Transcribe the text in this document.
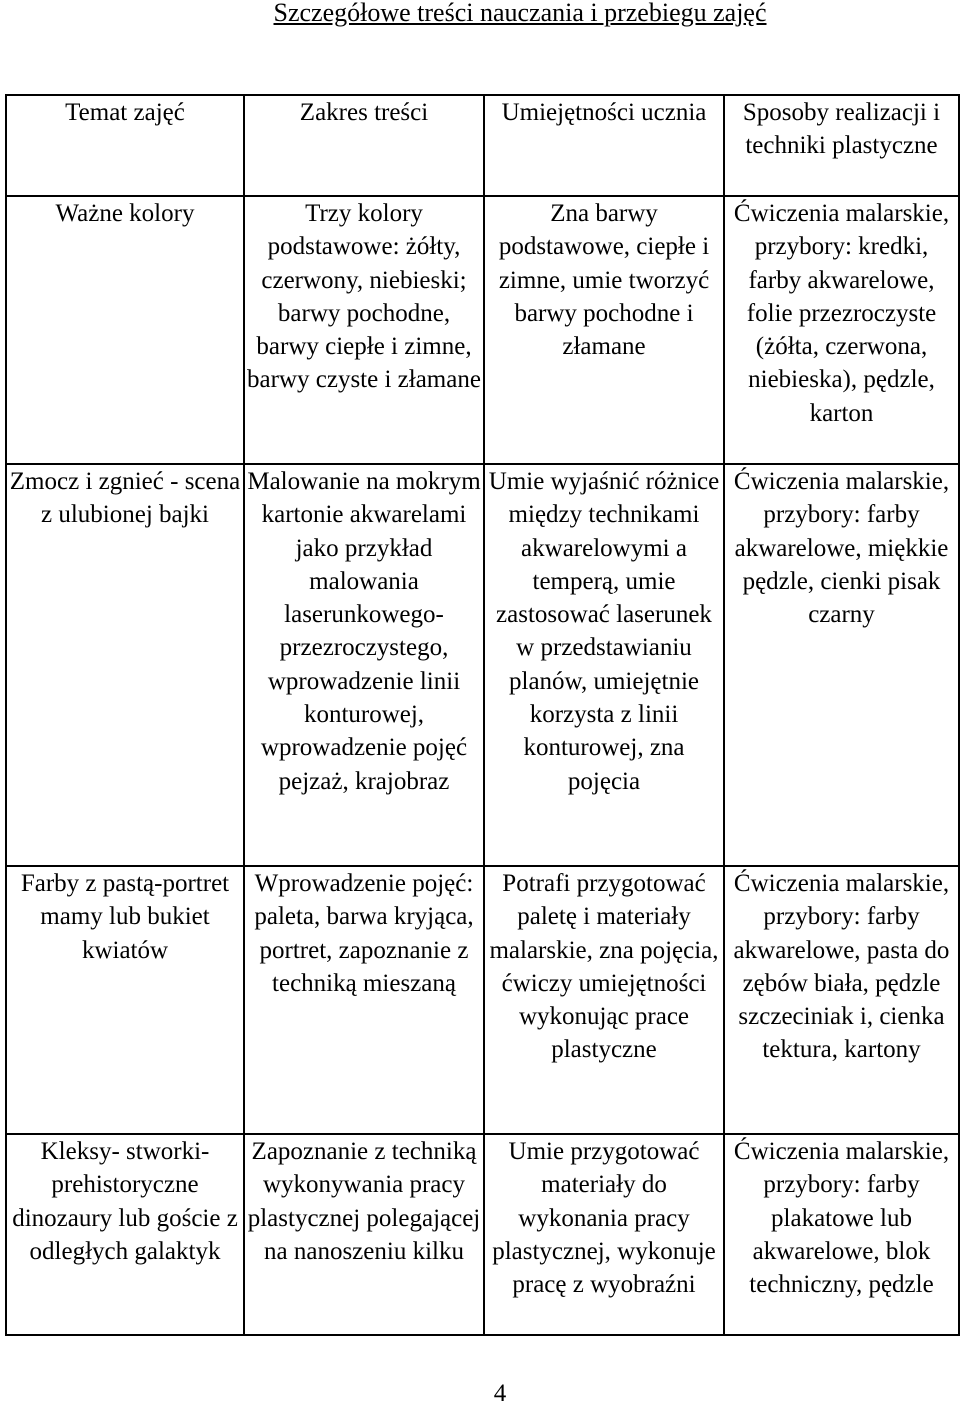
Szczegółowe treści nauczania i przebiegu zajęć
Temat zajęć	Zakres treści	Umiejętności ucznia	Sposoby realizacji i techniki plastyczne
Ważne kolory	Trzy kolory podstawowe: żółty, czerwony, niebieski; barwy pochodne, barwy ciepłe i zimne, barwy czyste i złamane	Zna barwy podstawowe, ciepłe i zimne, umie tworzyć barwy pochodne i złamane	Ćwiczenia malarskie, przybory: kredki, farby akwarelowe, folie przezroczyste (żółta, czerwona, niebieska), pędzle, karton
Zmocz i zgnieć - scena z ulubionej bajki	Malowanie na mokrym kartonie akwarelami jako przykład malowania laserunkowego-przezroczystego, wprowadzenie linii konturowej, wprowadzenie pojęć pejzaż, krajobraz	Umie wyjaśnić różnice między technikami akwarelowymi a temperą, umie zastosować laserunek w przedstawianiu planów, umiejętnie korzysta z linii konturowej, zna pojęcia	Ćwiczenia malarskie, przybory: farby akwarelowe, miękkie pędzle, cienki pisak czarny
Farby z pastą-portret mamy lub bukiet kwiatów	Wprowadzenie pojęć: paleta, barwa kryjąca, portret, zapoznanie z techniką mieszaną	Potrafi przygotować paletę i materiały malarskie, zna pojęcia, ćwiczy umiejętności wykonując prace plastyczne	Ćwiczenia malarskie, przybory: farby akwarelowe, pasta do zębów biała, pędzle szczeciniak i, cienka tektura, kartony
Kleksy- stworki-prehistoryczne dinozaury lub goście z odległych galaktyk	Zapoznanie z techniką wykonywania pracy plastycznej polegającej na nanoszeniu kilku	Umie przygotować materiały do wykonania pracy plastycznej, wykonuje pracę z wyobraźni	Ćwiczenia malarskie, przybory: farby plakatowe lub akwarelowe, blok techniczny, pędzle
4
